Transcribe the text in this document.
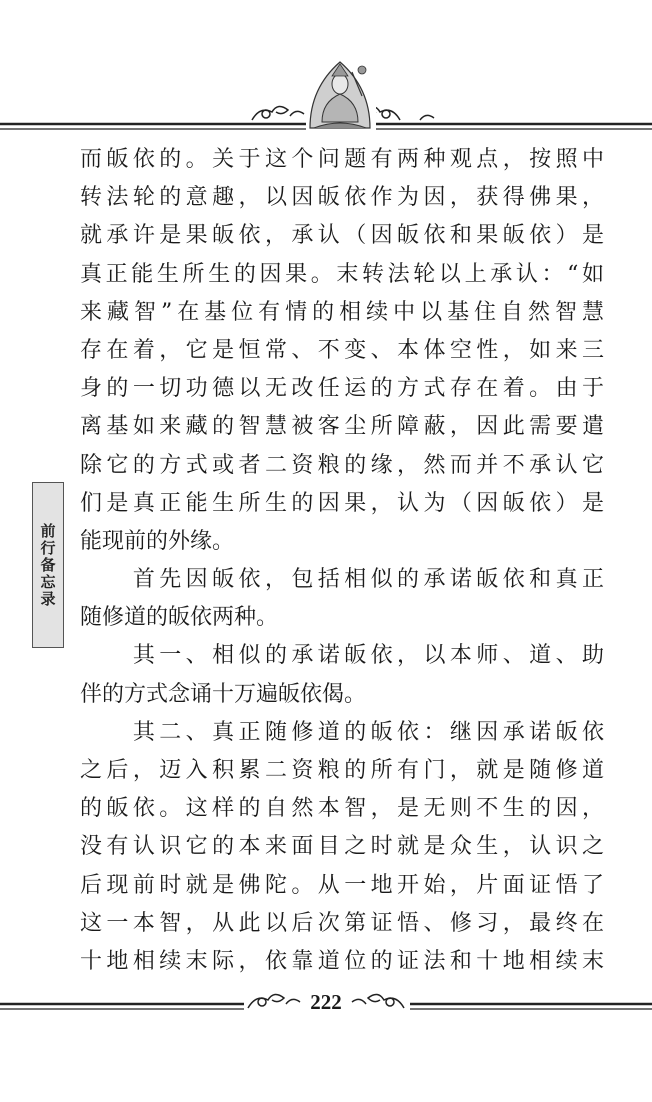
前行备忘录
而皈依的。关于这个问题有两种观点，按照中
转法轮的意趣，以因皈依作为因，获得佛果，
就承许是果皈依，承认（因皈依和果皈依）是
真正能生所生的因果。末转法轮以上承认：“如
来藏智”在基位有情的相续中以基住自然智慧
存在着，它是恒常、不变、本体空性，如来三
身的一切功德以无改任运的方式存在着。由于
离基如来藏的智慧被客尘所障蔽，因此需要遣
除它的方式或者二资粮的缘，然而并不承认它
们是真正能生所生的因果，认为（因皈依）是
能现前的外缘。
　　首先因皈依，包括相似的承诺皈依和真正
随修道的皈依两种。
　　其一、相似的承诺皈依，以本师、道、助
伴的方式念诵十万遍皈依偈。
　　其二、真正随修道的皈依：继因承诺皈依
之后，迈入积累二资粮的所有门，就是随修道
的皈依。这样的自然本智，是无则不生的因，
没有认识它的本来面目之时就是众生，认识之
后现前时就是佛陀。从一地开始，片面证悟了
这一本智，从此以后次第证悟、修习，最终在
十地相续末际，依靠道位的证法和十地相续末
222
